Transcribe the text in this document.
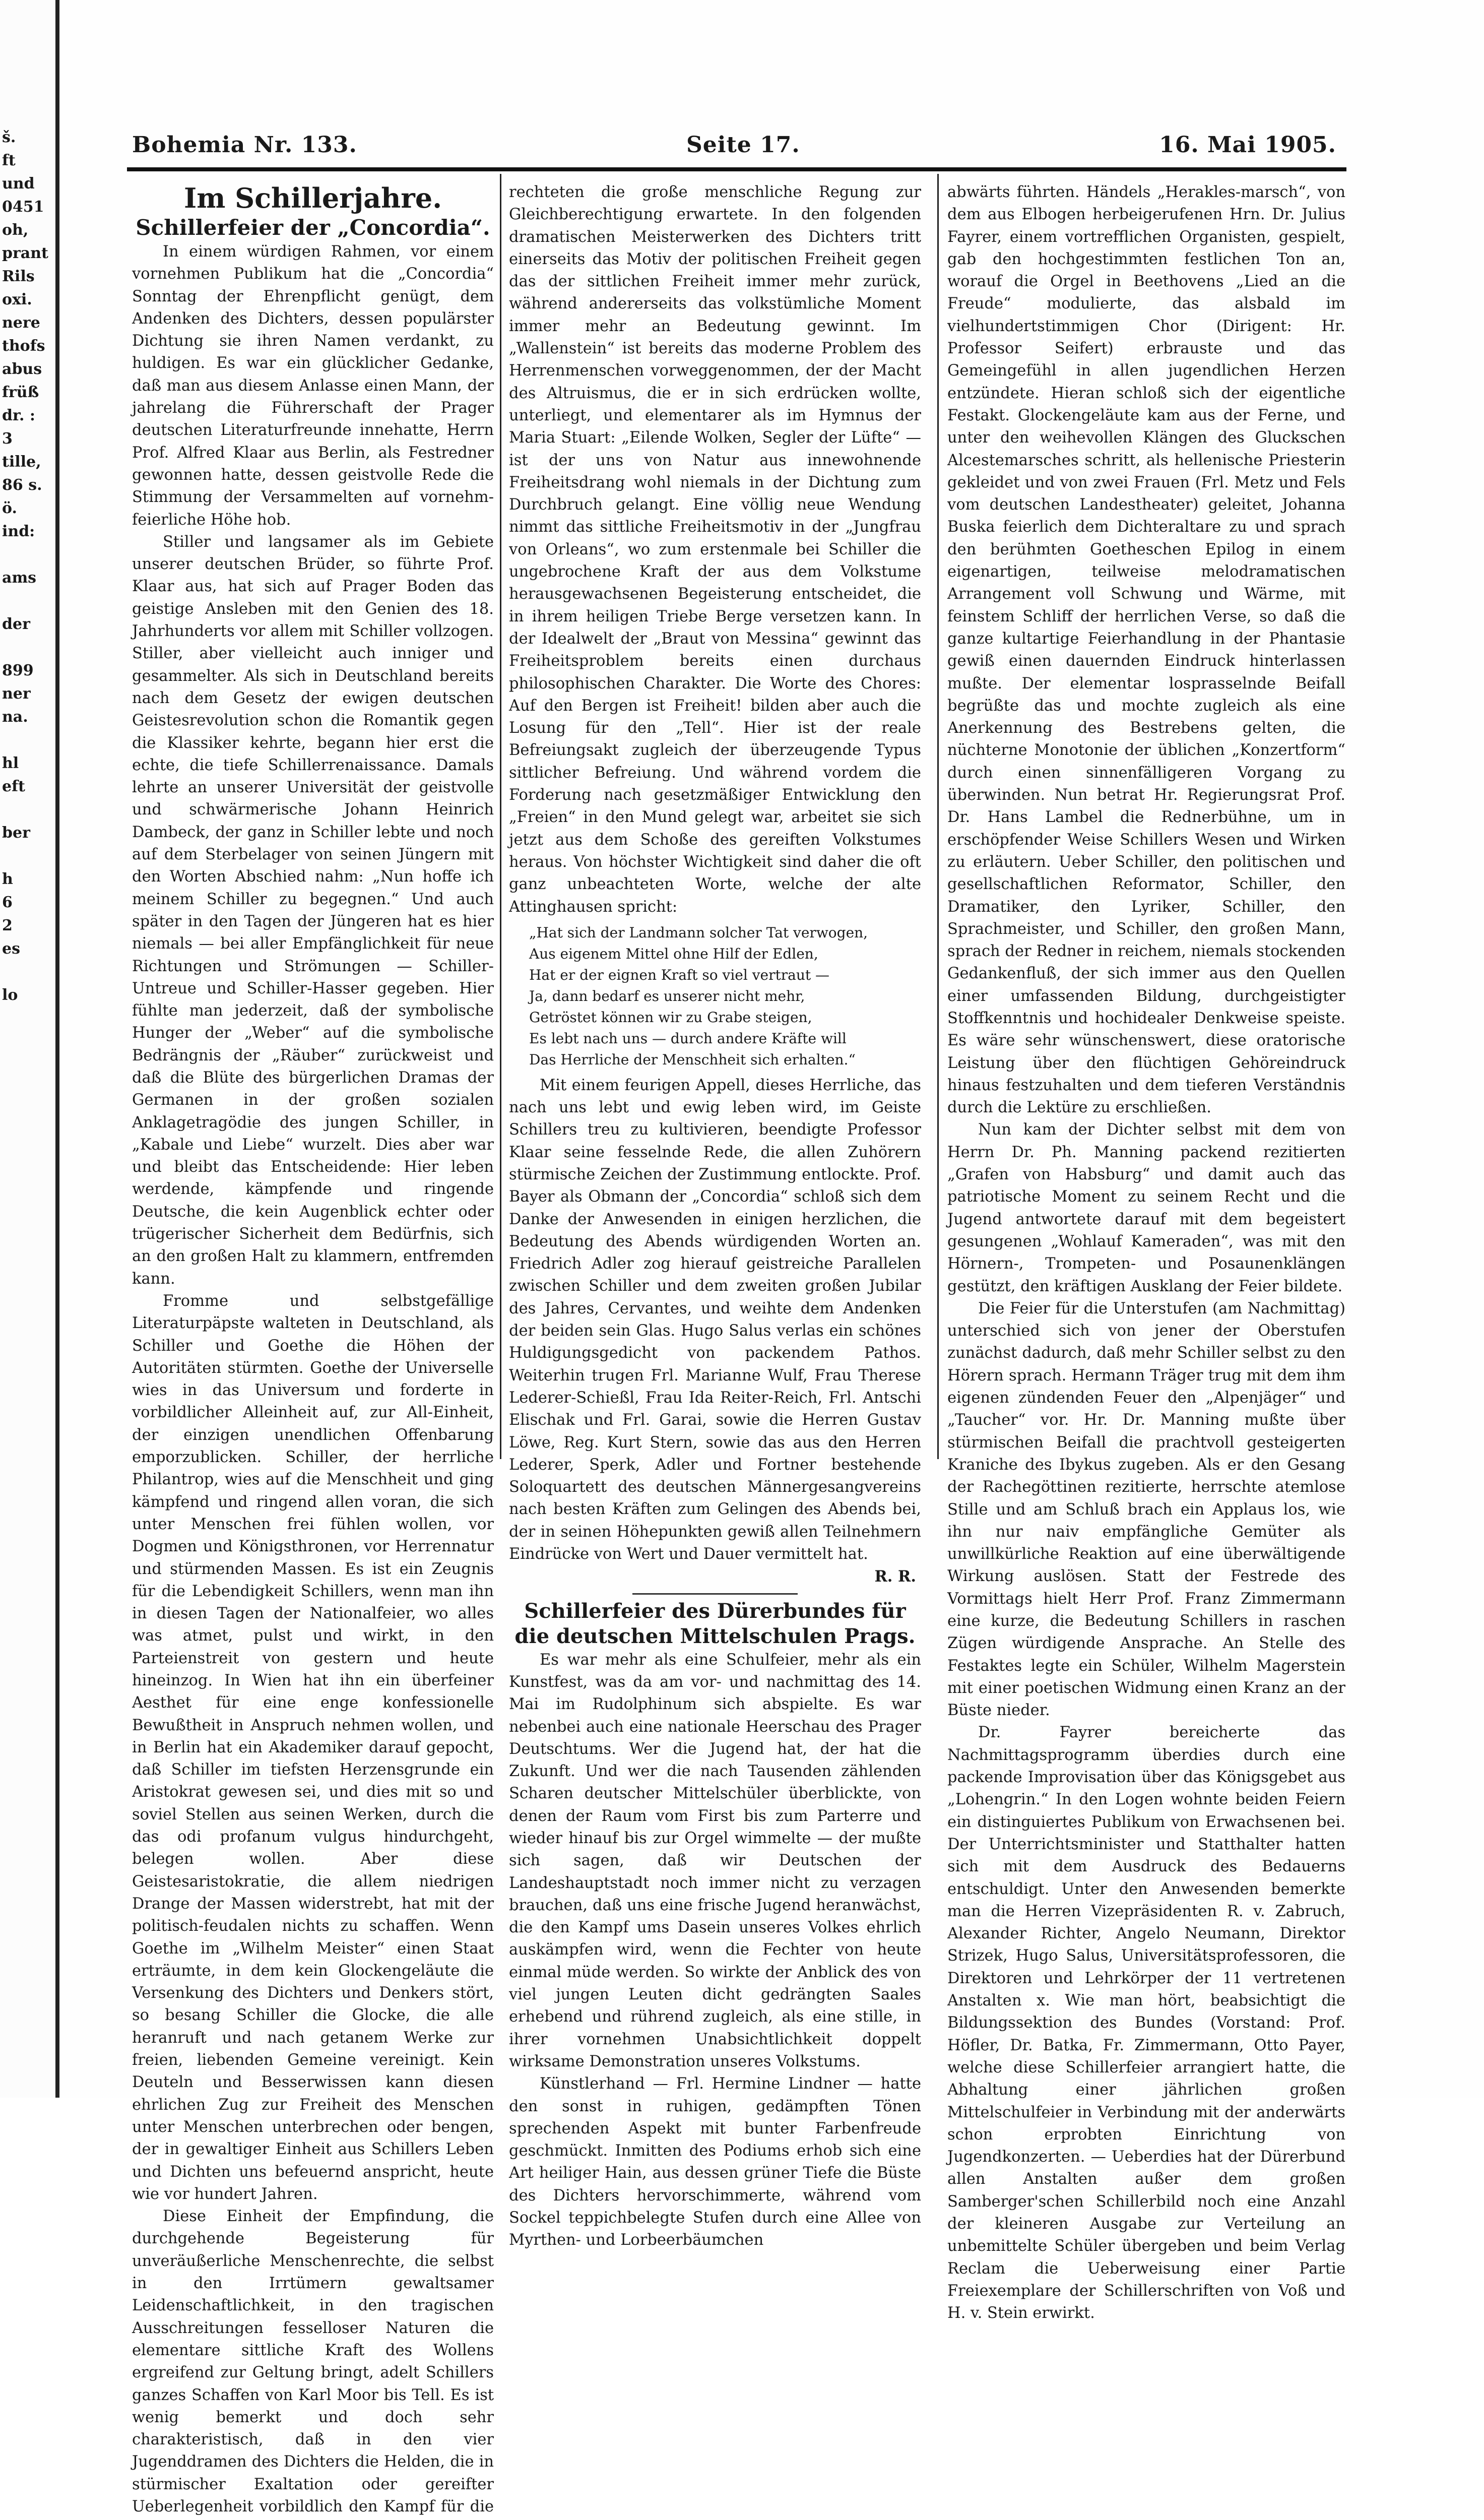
š.
ft
und
0451
oh,
prant
Rils
oxi.
nere
thofs
abus
früß
dr. :
3
tille,
86 s.
ö.
ind:

ams

der

899
ner
na.

hl
eft

ber

h
6
2
es

lo
Bohemia Nr. 133.	Seite 17.	16. Mai 1905.
Im Schillerjahre.
Schillerfeier der „Concordia“.

In einem würdigen Rahmen, vor einem vornehmen Publikum hat die „Concordia“ Sonntag der Ehrenpflicht genügt, dem Andenken des Dichters, dessen populärster Dichtung sie ihren Namen verdankt, zu huldigen. Es war ein glücklicher Gedanke, daß man aus diesem Anlasse einen Mann, der jahrelang die Führerschaft der Prager deutschen Literaturfreunde innehatte, Herrn Prof. Alfred Klaar aus Berlin, als Festredner gewonnen hatte, dessen geistvolle Rede die Stimmung der Versammelten auf vornehm-feierliche Höhe hob.

Stiller und langsamer als im Gebiete unserer deutschen Brüder, so führte Prof. Klaar aus, hat sich auf Prager Boden das geistige Ansleben mit den Genien des 18. Jahrhunderts vor allem mit Schiller vollzogen. Stiller, aber vielleicht auch inniger und gesammelter. Als sich in Deutschland bereits nach dem Gesetz der ewigen deutschen Geistesrevolution schon die Romantik gegen die Klassiker kehrte, begann hier erst die echte, die tiefe Schillerrenaissance. Damals lehrte an unserer Universität der geistvolle und schwärmerische Johann Heinrich Dambeck, der ganz in Schiller lebte und noch auf dem Sterbelager von seinen Jüngern mit den Worten Abschied nahm: „Nun hoffe ich meinem Schiller zu begegnen.“ Und auch später in den Tagen der Jüngeren hat es hier niemals — bei aller Empfänglichkeit für neue Richtungen und Strömungen — Schiller-Untreue und Schiller-Hasser gegeben. Hier fühlte man jederzeit, daß der symbolische Hunger der „Weber“ auf die symbolische Bedrängnis der „Räuber“ zurückweist und daß die Blüte des bürgerlichen Dramas der Germanen in der großen sozialen Anklagetragödie des jungen Schiller, in „Kabale und Liebe“ wurzelt. Dies aber war und bleibt das Entscheidende: Hier leben werdende, kämpfende und ringende Deutsche, die kein Augenblick echter oder trügerischer Sicherheit dem Bedürfnis, sich an den großen Halt zu klammern, entfremden kann.

Fromme und selbstgefällige Literaturpäpste walteten in Deutschland, als Schiller und Goethe die Höhen der Autoritäten stürmten. Goethe der Universelle wies in das Universum und forderte in vorbildlicher Alleinheit auf, zur All-Einheit, der einzigen unendlichen Offenbarung emporzublicken. Schiller, der herrliche Philantrop, wies auf die Menschheit und ging kämpfend und ringend allen voran, die sich unter Menschen frei fühlen wollen, vor Dogmen und Königsthronen, vor Herrennatur und stürmenden Massen. Es ist ein Zeugnis für die Lebendigkeit Schillers, wenn man ihn in diesen Tagen der Nationalfeier, wo alles was atmet, pulst und wirkt, in den Parteienstreit von gestern und heute hineinzog. In Wien hat ihn ein überfeiner Aesthet für eine enge konfessionelle Bewußtheit in Anspruch nehmen wollen, und in Berlin hat ein Akademiker darauf gepocht, daß Schiller im tiefsten Herzensgrunde ein Aristokrat gewesen sei, und dies mit so und soviel Stellen aus seinen Werken, durch die das odi profanum vulgus hindurchgeht, belegen wollen. Aber diese Geistesaristokratie, die allem niedrigen Drange der Massen widerstrebt, hat mit der politisch-feudalen nichts zu schaffen. Wenn Goethe im „Wilhelm Meister“ einen Staat erträumte, in dem kein Glockengeläute die Versenkung des Dichters und Denkers stört, so besang Schiller die Glocke, die alle heranruft und nach getanem Werke zur freien, liebenden Gemeine vereinigt. Kein Deuteln und Besserwissen kann diesen ehrlichen Zug zur Freiheit des Menschen unter Menschen unterbrechen oder bengen, der in gewaltiger Einheit aus Schillers Leben und Dichten uns befeuernd anspricht, heute wie vor hundert Jahren.

Diese Einheit der Empfindung, die durchgehende Begeisterung für unveräußerliche Menschenrechte, die selbst in den Irrtümern gewaltsamer Leidenschaftlichkeit, in den tragischen Ausschreitungen fesselloser Naturen die elementare sittliche Kraft des Wollens ergreifend zur Geltung bringt, adelt Schillers ganzes Schaffen von Karl Moor bis Tell. Es ist wenig bemerkt und doch sehr charakteristisch, daß in den vier Jugenddramen des Dichters die Helden, die in stürmischer Exaltation oder gereifter Ueberlegenheit vorbildlich den Kampf für die

rechteten die große menschliche Regung zur Gleichberechtigung erwartete. In den folgenden dramatischen Meisterwerken des Dichters tritt einerseits das Motiv der politischen Freiheit gegen das der sittlichen Freiheit immer mehr zurück, während andererseits das volkstümliche Moment immer mehr an Bedeutung gewinnt. Im „Wallenstein“ ist bereits das moderne Problem des Herrenmenschen vorweggenommen, der der Macht des Altruismus, die er in sich erdrücken wollte, unterliegt, und elementarer als im Hymnus der Maria Stuart: „Eilende Wolken, Segler der Lüfte“ — ist der uns von Natur aus innewohnende Freiheitsdrang wohl niemals in der Dichtung zum Durchbruch gelangt. Eine völlig neue Wendung nimmt das sittliche Freiheitsmotiv in der „Jungfrau von Orleans“, wo zum erstenmale bei Schiller die ungebrochene Kraft der aus dem Volkstume herausgewachsenen Begeisterung entscheidet, die in ihrem heiligen Triebe Berge versetzen kann. In der Idealwelt der „Braut von Messina“ gewinnt das Freiheitsproblem bereits einen durchaus philosophischen Charakter. Die Worte des Chores: Auf den Bergen ist Freiheit! bilden aber auch die Losung für den „Tell“. Hier ist der reale Befreiungsakt zugleich der überzeugende Typus sittlicher Befreiung. Und während vordem die Forderung nach gesetzmäßiger Entwicklung den „Freien“ in den Mund gelegt war, arbeitet sie sich jetzt aus dem Schoße des gereiften Volkstumes heraus. Von höchster Wichtigkeit sind daher die oft ganz unbeachteten Worte, welche der alte Attinghausen spricht:

„Hat sich der Landmann solcher Tat verwogen,
Aus eigenem Mittel ohne Hilf der Edlen,
Hat er der eignen Kraft so viel vertraut —
Ja, dann bedarf es unserer nicht mehr,
Getröstet können wir zu Grabe steigen,
Es lebt nach uns — durch andere Kräfte will
Das Herrliche der Menschheit sich erhalten.“

Mit einem feurigen Appell, dieses Herrliche, das nach uns lebt und ewig leben wird, im Geiste Schillers treu zu kultivieren, beendigte Professor Klaar seine fesselnde Rede, die allen Zuhörern stürmische Zeichen der Zustimmung entlockte. Prof. Bayer als Obmann der „Concordia“ schloß sich dem Danke der Anwesenden in einigen herzlichen, die Bedeutung des Abends würdigenden Worten an. Friedrich Adler zog hierauf geistreiche Parallelen zwischen Schiller und dem zweiten großen Jubilar des Jahres, Cervantes, und weihte dem Andenken der beiden sein Glas. Hugo Salus verlas ein schönes Huldigungsgedicht von packendem Pathos. Weiterhin trugen Frl. Marianne Wulf, Frau Therese Lederer-Schießl, Frau Ida Reiter-Reich, Frl. Antschi Elischak und Frl. Garai, sowie die Herren Gustav Löwe, Reg. Kurt Stern, sowie das aus den Herren Lederer, Sperk, Adler und Fortner bestehende Soloquartett des deutschen Männergesangvereins nach besten Kräften zum Gelingen des Abends bei, der in seinen Höhepunkten gewiß allen Teilnehmern Eindrücke von Wert und Dauer vermittelt hat.

R. R.
Schillerfeier des Dürerbundes für die deutschen Mittelschulen Prags.

Es war mehr als eine Schulfeier, mehr als ein Kunstfest, was da am vor- und nachmittag des 14. Mai im Rudolphinum sich abspielte. Es war nebenbei auch eine nationale Heerschau des Prager Deutschtums. Wer die Jugend hat, der hat die Zukunft. Und wer die nach Tausenden zählenden Scharen deutscher Mittelschüler überblickte, von denen der Raum vom First bis zum Parterre und wieder hinauf bis zur Orgel wimmelte — der mußte sich sagen, daß wir Deutschen der Landeshauptstadt noch immer nicht zu verzagen brauchen, daß uns eine frische Jugend heranwächst, die den Kampf ums Dasein unseres Volkes ehrlich auskämpfen wird, wenn die Fechter von heute einmal müde werden. So wirkte der Anblick des von viel jungen Leuten dicht gedrängten Saales erhebend und rührend zugleich, als eine stille, in ihrer vornehmen Unabsichtlichkeit doppelt wirksame Demonstration unseres Volkstums.

Künstlerhand — Frl. Hermine Lindner — hatte den sonst in ruhigen, gedämpften Tönen sprechenden Aspekt mit bunter Farbenfreude geschmückt. Inmitten des Podiums erhob sich eine Art heiliger Hain, aus dessen grüner Tiefe die Büste des Dichters hervorschimmerte, während vom Sockel teppichbelegte Stufen durch eine Allee von Myrthen- und Lorbeerbäumchen

abwärts führten. Händels „Herakles-marsch“, von dem aus Elbogen herbeigerufenen Hrn. Dr. Julius Fayrer, einem vortrefflichen Organisten, gespielt, gab den hochgestimmten festlichen Ton an, worauf die Orgel in Beethovens „Lied an die Freude“ modulierte, das alsbald im vielhundertstimmigen Chor (Dirigent: Hr. Professor Seifert) erbrauste und das Gemeingefühl in allen jugendlichen Herzen entzündete. Hieran schloß sich der eigentliche Festakt. Glockengeläute kam aus der Ferne, und unter den weihevollen Klängen des Gluckschen Alcestemarsches schritt, als hellenische Priesterin gekleidet und von zwei Frauen (Frl. Metz und Fels vom deutschen Landestheater) geleitet, Johanna Buska feierlich dem Dichteraltare zu und sprach den berühmten Goetheschen Epilog in einem eigenartigen, teilweise melodramatischen Arrangement voll Schwung und Wärme, mit feinstem Schliff der herrlichen Verse, so daß die ganze kultartige Feierhandlung in der Phantasie gewiß einen dauernden Eindruck hinterlassen mußte. Der elementar losprasselnde Beifall begrüßte das und mochte zugleich als eine Anerkennung des Bestrebens gelten, die nüchterne Monotonie der üblichen „Konzertform“ durch einen sinnenfälligeren Vorgang zu überwinden. Nun betrat Hr. Regierungsrat Prof. Dr. Hans Lambel die Rednerbühne, um in erschöpfender Weise Schillers Wesen und Wirken zu erläutern. Ueber Schiller, den politischen und gesellschaftlichen Reformator, Schiller, den Dramatiker, den Lyriker, Schiller, den Sprachmeister, und Schiller, den großen Mann, sprach der Redner in reichem, niemals stockenden Gedankenfluß, der sich immer aus den Quellen einer umfassenden Bildung, durchgeistigter Stoffkenntnis und hochidealer Denkweise speiste. Es wäre sehr wünschenswert, diese oratorische Leistung über den flüchtigen Gehöreindruck hinaus festzuhalten und dem tieferen Verständnis durch die Lektüre zu erschließen.

Nun kam der Dichter selbst mit dem von Herrn Dr. Ph. Manning packend rezitierten „Grafen von Habsburg“ und damit auch das patriotische Moment zu seinem Recht und die Jugend antwortete darauf mit dem begeistert gesungenen „Wohlauf Kameraden“, was mit den Hörnern-, Trompeten- und Posaunenklängen gestützt, den kräftigen Ausklang der Feier bildete.

Die Feier für die Unterstufen (am Nachmittag) unterschied sich von jener der Oberstufen zunächst dadurch, daß mehr Schiller selbst zu den Hörern sprach. Hermann Träger trug mit dem ihm eigenen zündenden Feuer den „Alpenjäger“ und „Taucher“ vor. Hr. Dr. Manning mußte über stürmischen Beifall die prachtvoll gesteigerten Kraniche des Ibykus zugeben. Als er den Gesang der Rachegöttinen rezitierte, herrschte atemlose Stille und am Schluß brach ein Applaus los, wie ihn nur naiv empfängliche Gemüter als unwillkürliche Reaktion auf eine überwältigende Wirkung auslösen. Statt der Festrede des Vormittags hielt Herr Prof. Franz Zimmermann eine kurze, die Bedeutung Schillers in raschen Zügen würdigende Ansprache. An Stelle des Festaktes legte ein Schüler, Wilhelm Magerstein mit einer poetischen Widmung einen Kranz an der Büste nieder.

Dr. Fayrer bereicherte das Nachmittagsprogramm überdies durch eine packende Improvisation über das Königsgebet aus „Lohengrin.“ In den Logen wohnte beiden Feiern ein distinguiertes Publikum von Erwachsenen bei. Der Unterrichtsminister und Statthalter hatten sich mit dem Ausdruck des Bedauerns entschuldigt. Unter den Anwesenden bemerkte man die Herren Vizepräsidenten R. v. Zabruch, Alexander Richter, Angelo Neumann, Direktor Strizek, Hugo Salus, Universitätsprofessoren, die Direktoren und Lehrkörper der 11 vertretenen Anstalten x. Wie man hört, beabsichtigt die Bildungssektion des Bundes (Vorstand: Prof. Höfler, Dr. Batka, Fr. Zimmermann, Otto Payer, welche diese Schillerfeier arrangiert hatte, die Abhaltung einer jährlichen großen Mittelschulfeier in Verbindung mit der anderwärts schon erprobten Einrichtung von Jugendkonzerten. — Ueberdies hat der Dürerbund allen Anstalten außer dem großen Samberger'schen Schillerbild noch eine Anzahl der kleineren Ausgabe zur Verteilung an unbemittelte Schüler übergeben und beim Verlag Reclam die Ueberweisung einer Partie Freiexemplare der Schillerschriften von Voß und H. v. Stein erwirkt.
